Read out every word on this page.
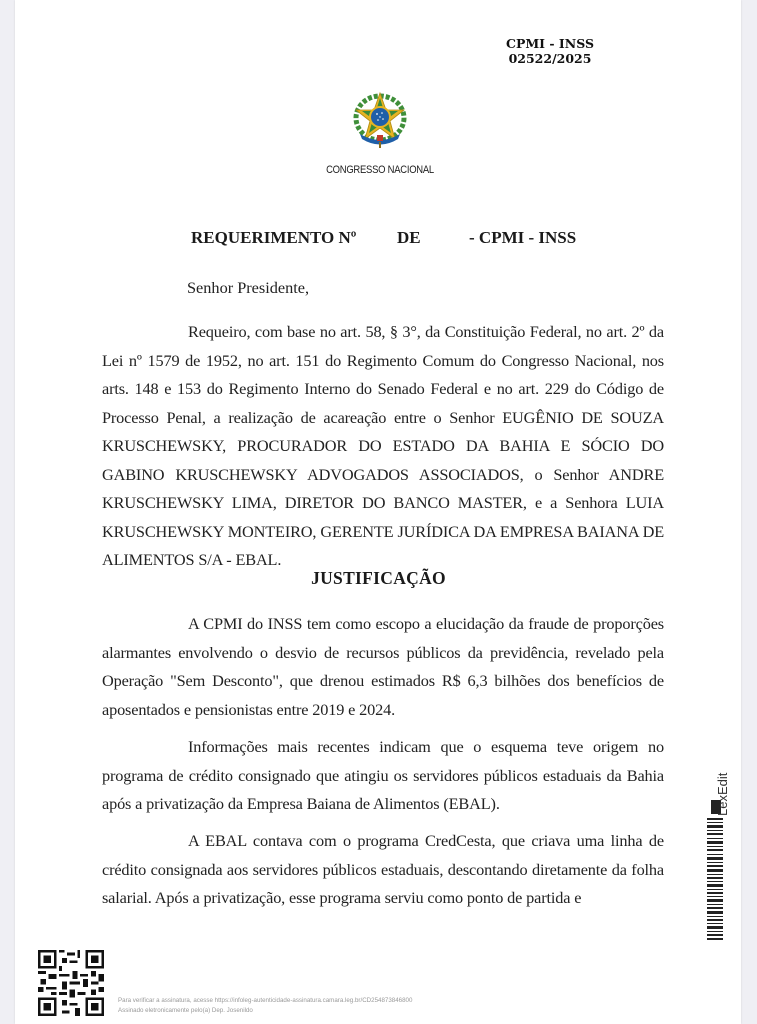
CPMI - INSS
02522/2025
CONGRESSO NACIONAL
REQUERIMENTO Nº DE	- CPMI - INSS
Senhor Presidente,

Requeiro, com base no art. 58, § 3°, da Constituição Federal, no art. 2º da Lei nº 1579 de 1952, no art. 151 do Regimento Comum do Congresso Nacional, nos arts. 148 e 153 do Regimento Interno do Senado Federal e no art. 229 do Código de Processo Penal, a realização de acareação entre o Senhor EUGÊNIO DE SOUZA KRUSCHEWSKY, PROCURADOR DO ESTADO DA BAHIA E SÓCIO DO GABINO KRUSCHEWSKY ADVOGADOS ASSOCIADOS, o Senhor ANDRE KRUSCHEWSKY LIMA, DIRETOR DO BANCO MASTER, e a Senhora LUIA KRUSCHEWSKY MONTEIRO, GERENTE JURÍDICA DA EMPRESA BAIANA DE ALIMENTOS S/A - EBAL.

JUSTIFICAÇÃO

A CPMI do INSS tem como escopo a elucidação da fraude de proporções alarmantes envolvendo o desvio de recursos públicos da previdência, revelado pela Operação "Sem Desconto", que drenou estimados R$ 6,3 bilhões dos benefícios de aposentados e pensionistas entre 2019 e 2024.

Informações mais recentes indicam que o esquema teve origem no programa de crédito consignado que atingiu os servidores públicos estaduais da Bahia após a privatização da Empresa Baiana de Alimentos (EBAL).

A EBAL contava com o programa CredCesta, que criava uma linha de crédito consignada aos servidores públicos estaduais, descontando diretamente da folha salarial. Após a privatização, esse programa serviu como ponto de partida e

Para verificar a assinatura, acesse https://infoleg-autenticidade-assinatura.camara.leg.br/CD254873846800
Assinado eletronicamente pelo(a) Dep. Josenildo
LexEdit
